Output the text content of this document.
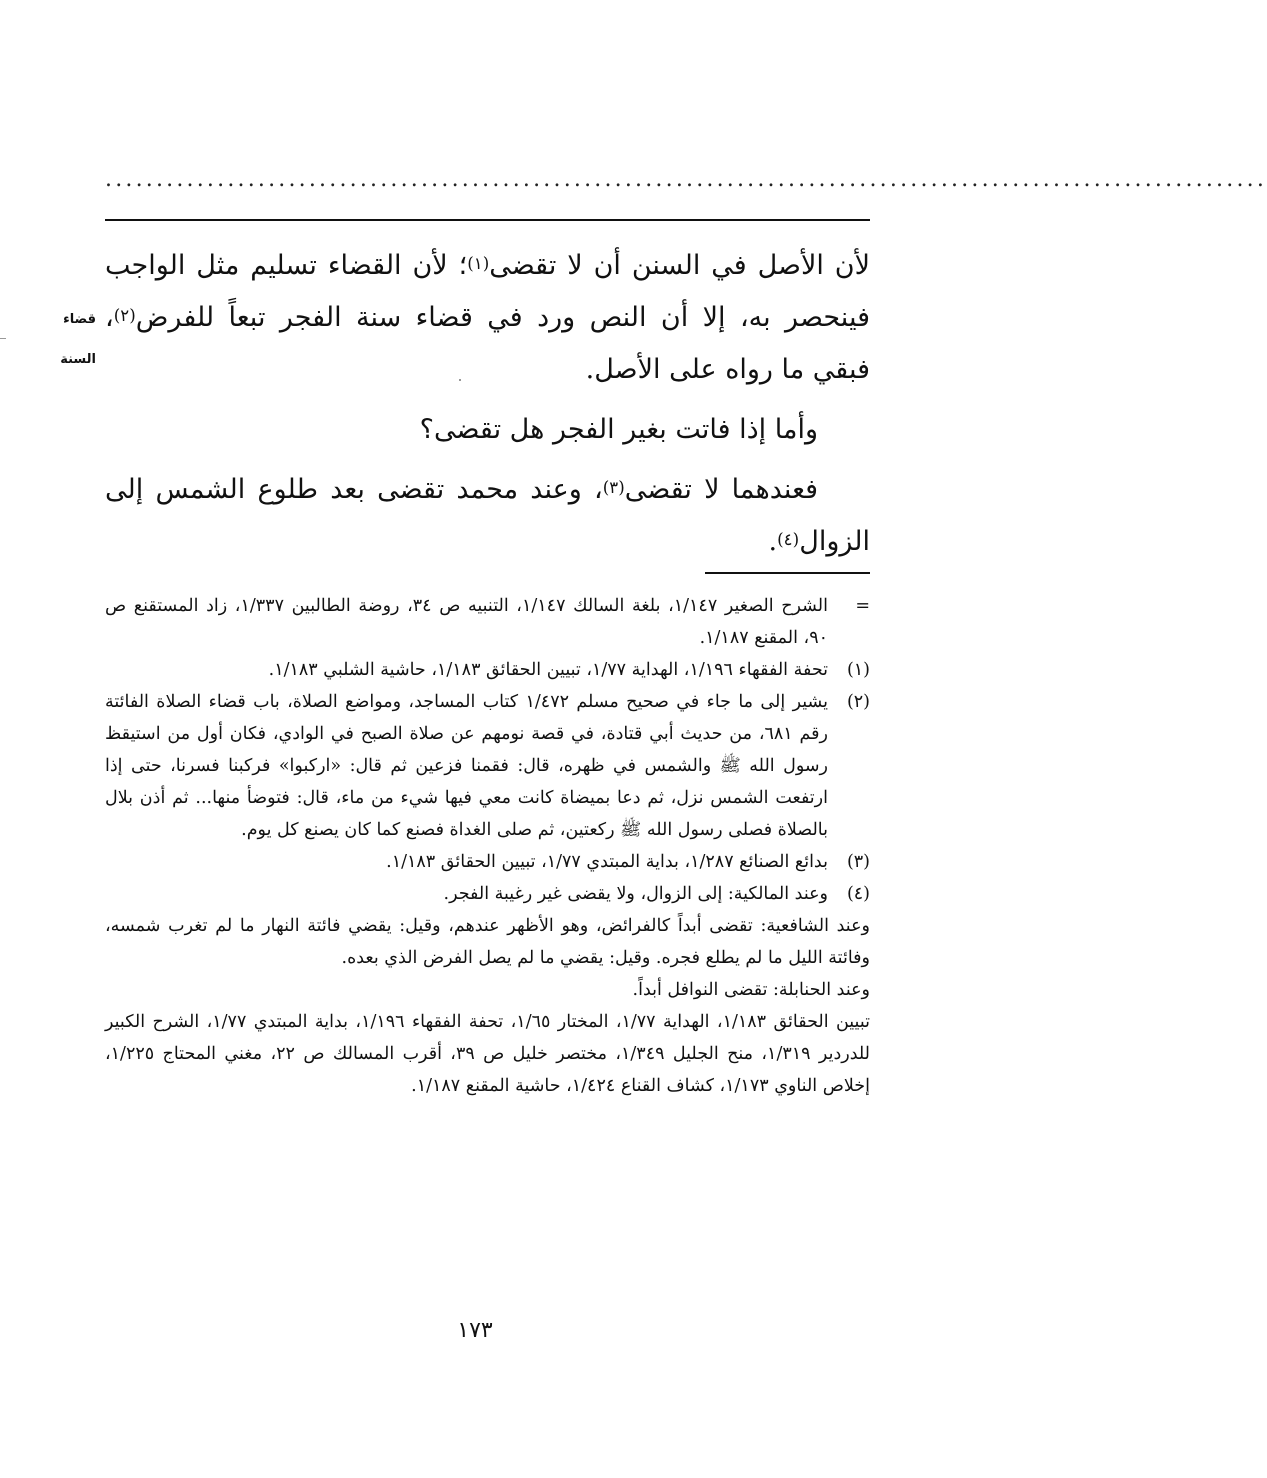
..................................................................................................................
قضاء
السنة

لأن الأصل في السنن أن لا تقضى$^{(١)}$؛ لأن القضاء تسليم مثل الواجب فينحصر به، إلا أن النص ورد في قضاء سنة الفجر تبعاً للفرض$^{(٢)}$، فبقي ما رواه على الأصل.

وأما إذا فاتت بغير الفجر هل تقضى؟

فعندهما لا تقضى$^{(٣)}$، وعند محمد تقضى بعد طلوع الشمس إلى الزوال$^{(٤)}$.

=
الشرح الصغير ١/١٤٧، بلغة السالك ١/١٤٧، التنبيه ص ٣٤، روضة الطالبين ١/٣٣٧، زاد المستقنع ص ٩٠، المقنع ١/١٨٧.
(١)
تحفة الفقهاء ١/١٩٦، الهداية ١/٧٧، تبيين الحقائق ١/١٨٣، حاشية الشلبي ١/١٨٣.
(٢)
يشير إلى ما جاء في صحيح مسلم ١/٤٧٢ كتاب المساجد، ومواضع الصلاة، باب قضاء الصلاة الفائتة رقم ٦٨١، من حديث أبي قتادة، في قصة نومهم عن صلاة الصبح في الوادي، فكان أول من استيقظ رسول الله ﷺ والشمس في ظهره، قال: فقمنا فزعين ثم قال: «اركبوا» فركبنا فسرنا، حتى إذا ارتفعت الشمس نزل، ثم دعا بميضاة كانت معي فيها شيء من ماء، قال: فتوضأ منها... ثم أذن بلال بالصلاة فصلى رسول الله ﷺ ركعتين، ثم صلى الغداة فصنع كما كان يصنع كل يوم.
(٣)
بدائع الصنائع ١/٢٨٧، بداية المبتدي ١/٧٧، تبيين الحقائق ١/١٨٣.
(٤)
وعند المالكية: إلى الزوال، ولا يقضى غير رغيبة الفجر.

وعند الشافعية: تقضى أبداً كالفرائض، وهو الأظهر عندهم، وقيل: يقضي فائتة النهار ما لم تغرب شمسه، وفائتة الليل ما لم يطلع فجره. وقيل: يقضي ما لم يصل الفرض الذي بعده.

وعند الحنابلة: تقضى النوافل أبداً.

تبيين الحقائق ١/١٨٣، الهداية ١/٧٧، المختار ١/٦٥، تحفة الفقهاء ١/١٩٦، بداية المبتدي ١/٧٧، الشرح الكبير للدردير ١/٣١٩، منح الجليل ١/٣٤٩، مختصر خليل ص ٣٩، أقرب المسالك ص ٢٢، مغني المحتاج ١/٢٢٥، إخلاص الناوي ١/١٧٣، كشاف القناع ١/٤٢٤، حاشية المقنع ١/١٨٧.

١٧٣
